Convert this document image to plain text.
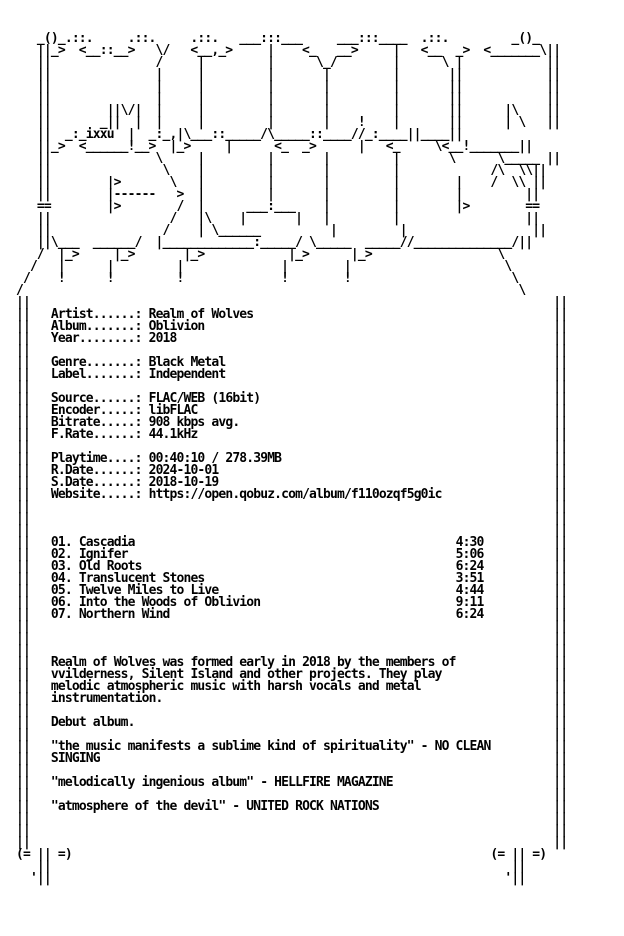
_()_.::.     .::.     .::.   ___:::___     ___:::____  .::.         _()_
||_>  <__::__>   \/   <__,_>     |    <_   __>     |   <__  _>  <_______\||
||               /     |         |      \_/        |      \ |            ||
||               |     |         |       |         |       ||            ||
||               |     |         |       |         |       ||            ||
||               |     |         |       |         |       ||            ||
||        ||\/|  |     |         |       |         |       ||      |\    ||
||       _||  |  |     |         |       |    !    |       ||      | \   ||
||  _:_ixxu  |  _:_,|\___::_____/\_____::____//_:____||____||
||_>  <______!__>  |_>     |      <_  _>      |   <_     \<__!_______||
||               \     |         |       |         |       \      \_____ ||
||                \    |         |       |         |             /\  \\||
||        |>       \   |         |       |         |        |    /  \\ ||
||        |------   >  |         |       |         |        |         ||
==        |>        /  |      ___:___    |         |        |>        ==
||                 /   |\    |       |   |         |                  ||
||                /    | \______          |         |                  ||
||\___  ______/  |_____________:_____/ \_____  _____//______________/||
/  |_>     |_>       |_>            |_>      |_>                  \
/   |      |         |              |        |                      \
/    !      !         !              !        !                       \
/                                                                       \
||	||
|| Artist......: Realm of Wolves	||
|| Album.......: Oblivion	||
|| Year........: 2018	||
||	||
|| Genre.......: Black Metal	||
|| Label.......: Independent	||
||	||
|| Source......: FLAC/WEB (16bit)	||
|| Encoder.....: libFLAC	||
|| Bitrate.....: 908 kbps avg.	||
|| F.Rate......: 44.1kHz	||
||	||
|| Playtime....: 00:40:10 / 278.39MB	||
|| R.Date......: 2024-10-01	||
|| S.Date......: 2018-10-19	||
|| Website.....: https://open.qobuz.com/album/f110ozqf5g0ic	||
||	||
||	||
||	||
|| 01. Cascadia	4:30	||
|| 02. Ignifer	5:06	||
|| 03. Old Roots	6:24	||
|| 04. Translucent Stones	3:51	||
|| 05. Twelve Miles to Live	4:44	||
|| 06. Into the Woods of Oblivion	9:11	||
|| 07. Northern Wind	6:24	||
||	||
||	||
||	||
|| Realm of Wolves was formed early in 2018 by the members of	||
|| vvilderness, Silent Island and other projects. They play	||
|| melodic atmospheric music with harsh vocals and metal	||
|| instrumentation.	||
||	||
|| Debut album.	||
||	||
|| "the music manifests a sublime kind of spirituality" - NO CLEAN	||
|| SINGING	||
||	||
|| "melodically ingenious album" - HELLFIRE MAGAZINE	||
||	||
|| "atmosphere of the devil" - UNITED ROCK NATIONS	||
||	||
||	||
||	||
(= || =)                                                            (= || =)
||                                                                  ||
'||                                                                 '||
